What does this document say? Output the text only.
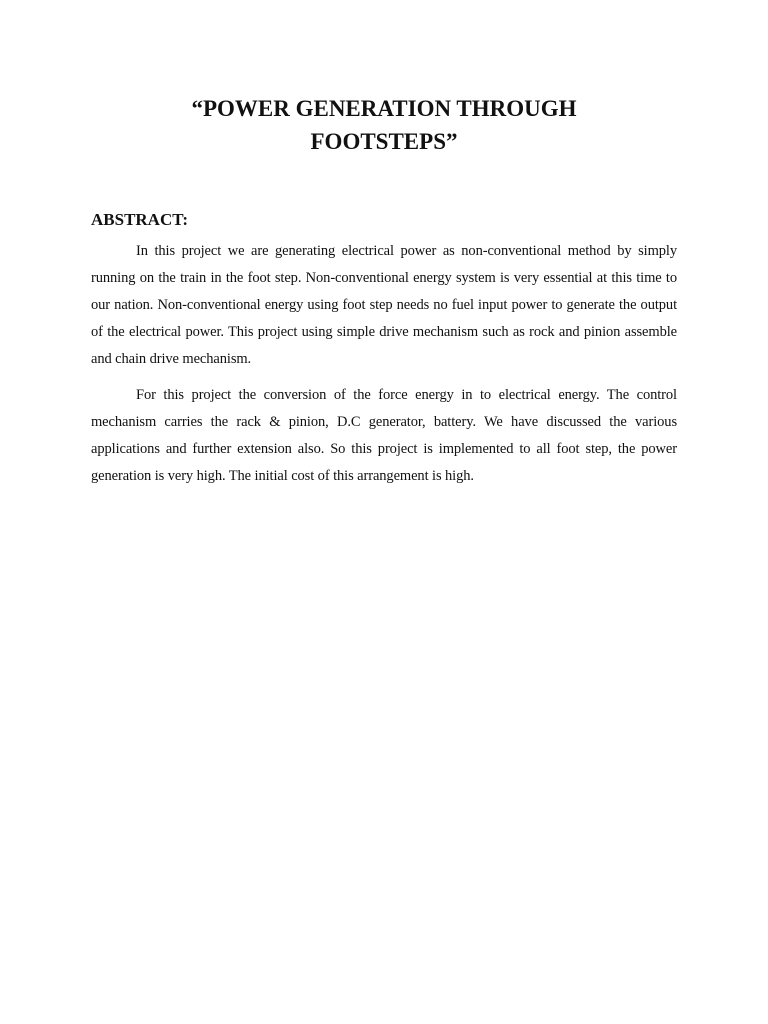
“POWER GENERATION THROUGH
FOOTSTEPS”
ABSTRACT:

In this project we are generating electrical power as non-conventional method by simply running on the train in the foot step. Non-conventional energy system is very essential at this time to our nation. Non-conventional energy using foot step needs no fuel input power to generate the output of the electrical power. This project using simple drive mechanism such as rock and pinion assemble and chain drive mechanism.

For this project the conversion of the force energy in to electrical energy. The control mechanism carries the rack & pinion, D.C generator, battery. We have discussed the various applications and further extension also. So this project is implemented to all foot step, the power generation is very high. The initial cost of this arrangement is high.
